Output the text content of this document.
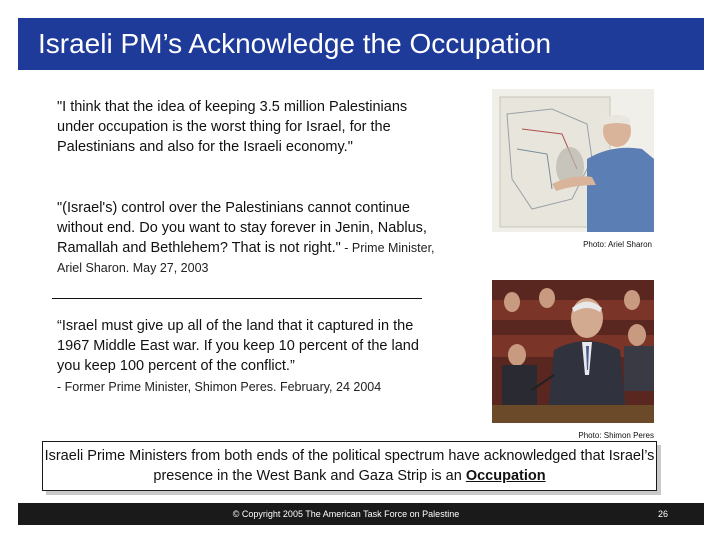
Israeli PM’s Acknowledge the Occupation
"I think that the idea of keeping 3.5 million Palestinians under occupation is the worst thing for Israel, for the Palestinians and also for the Israeli economy."
"(Israel's) control over the Palestinians cannot continue without end. Do you want to stay forever in Jenin, Nablus, Ramallah and Bethlehem? That is not right." - Prime Minister, Ariel Sharon. May 27, 2003
“Israel must give up all of the land that it captured in the 1967 Middle East war. If you keep 10 percent of the land you keep 100 percent of the conflict.”
- Former Prime Minister, Shimon Peres. February, 24 2004
Photo: Ariel Sharon
Photo: Shimon Peres
Israeli Prime Ministers from both ends of the political spectrum have acknowledged that Israel’s presence in the West Bank and Gaza Strip is an Occupation
© Copyright 2005 The American Task Force on Palestine	26
